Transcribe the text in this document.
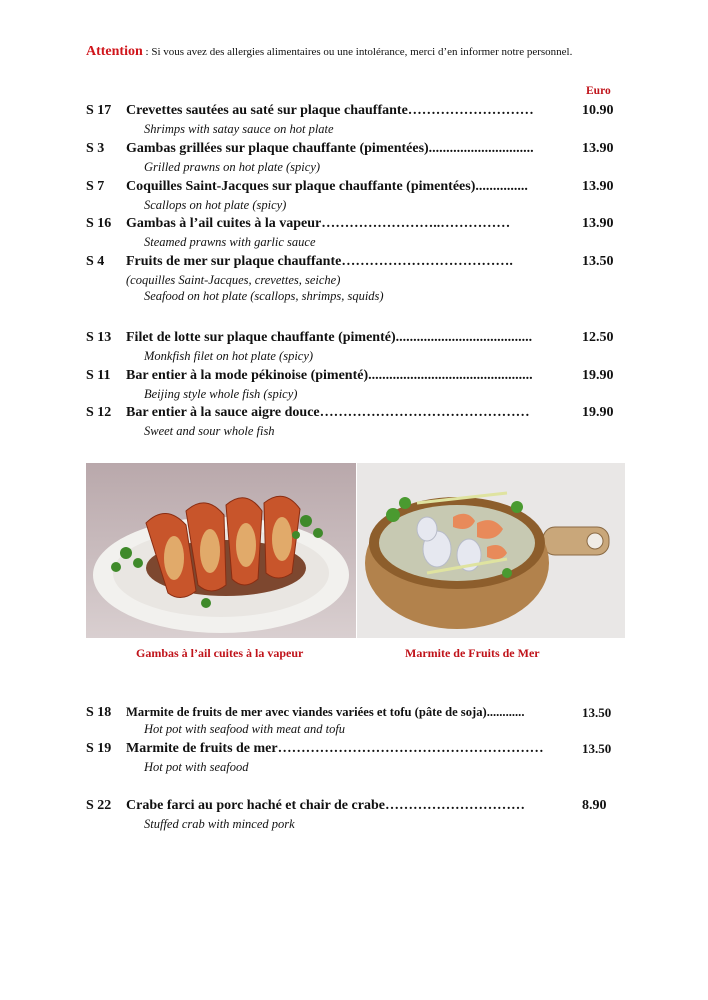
Attention : Si vous avez des allergies alimentaires ou une intolérance, merci d’en informer notre personnel.
Euro
S 17 Crevettes sautées au saté sur plaque chauffante………………………	10.90
Shrimps with satay sauce on hot plate
S 3 Gambas grillées sur plaque chauffante (pimentées)..............................	13.90
Grilled prawns on hot plate (spicy)
S 7 Coquilles Saint-Jacques sur plaque chauffante (pimentées)...............	13.90
Scallops on hot plate (spicy)
S 16 Gambas à l’ail cuites à la vapeur……………………..……………	13.90
Steamed prawns with garlic sauce
S 4 Fruits de mer sur plaque chauffante……………………………….	13.50
(coquilles Saint-Jacques, crevettes, seiche)
Seafood on hot plate (scallops, shrimps, squids)
S 13 Filet de lotte sur plaque chauffante (pimenté).......................................	12.50
Monkfish filet on hot plate (spicy)
S 11 Bar entier à la mode pékinoise (pimenté)...............................................	19.90
Beijing style whole fish (spicy)
S 12 Bar entier à la sauce aigre douce………………………………………	19.90
Sweet and sour whole fish
Gambas à l’ail cuites à la vapeur	Marmite de Fruits de Mer
S 18 Marmite de fruits de mer avec viandes variées et tofu (pâte de soja)............	13.50
Hot pot with seafood with meat and tofu
S 19 Marmite de fruits de mer…………………………………………………	13.50
Hot pot with seafood
S 22 Crabe farci au porc haché et chair de crabe…………………………	8.90
Stuffed crab with minced pork
